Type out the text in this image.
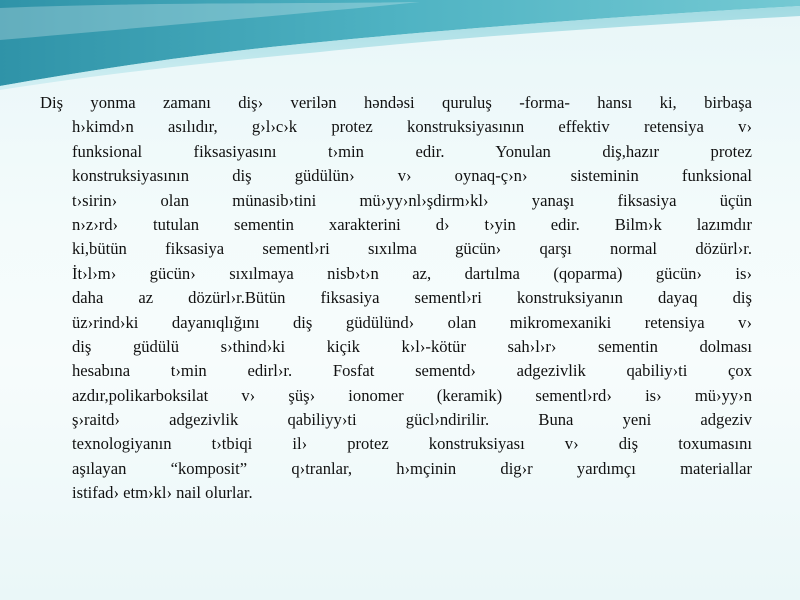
Diş yonma zamanı diş› verilən həndəsi quruluş -forma- hansı ki, birbaşa
h›kimd›n asılıdır, g›l›c›k protez konstruksiyasının effektiv retensiya v›
funksional fiksasiyasını t›min edir. Yonulan diş,hazır protez
konstruksiyasının diş güdülün› v› oynaq-ç›n› sisteminin funksional
t›sirin› olan münasib›tini mü›yy›nl›şdirm›kl› yanaşı fiksasiya üçün
n›z›rd› tutulan sementin xarakterini d› t›yin edir. Bilm›k lazımdır
ki,bütün fiksasiya sementl›ri sıxılma gücün› qarşı normal dözürl›r.
İt›l›m› gücün› sıxılmaya nisb›t›n az, dartılma (qoparma) gücün› is›
daha az dözürl›r.Bütün fiksasiya sementl›ri konstruksiyanın dayaq diş
üz›rind›ki dayanıqlığını diş güdülünd› olan mikromexaniki retensiya v›
diş güdülü s›thind›ki kiçik k›l›-kötür sah›l›r› sementin dolması
hesabına t›min edirl›r. Fosfat sementd› adgezivlik qabiliy›ti çox
azdır,polikarboksilat v› şüş› ionomer (keramik) sementl›rd› is› mü›yy›n
ş›raitd› adgezivlik qabiliyy›ti gücl›ndirilir. Buna yeni adgeziv
texnologiyanın t›tbiqi il› protez konstruksiyası v› diş toxumasını
aşılayan “komposit” q›tranlar, h›mçinin dig›r yardımçı materiallar
istifad› etm›kl› nail olurlar.
